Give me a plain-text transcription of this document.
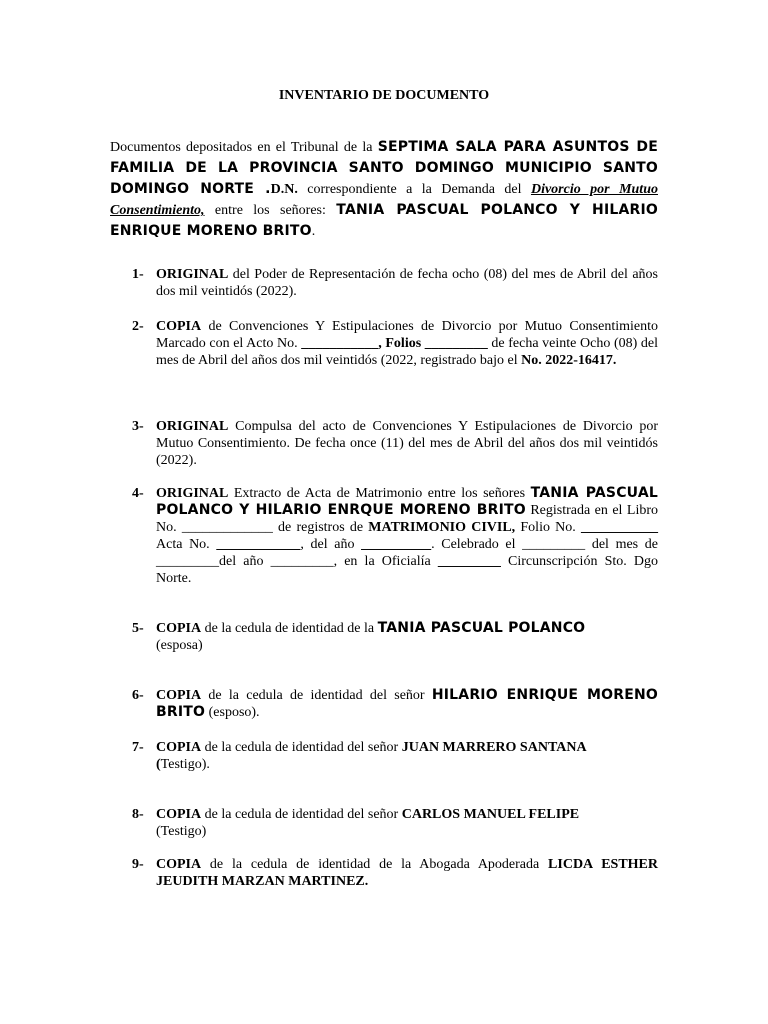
INVENTARIO DE DOCUMENTO
Documentos depositados en el Tribunal de la SEPTIMA SALA PARA ASUNTOS DE FAMILIA DE LA PROVINCIA SANTO DOMINGO MUNICIPIO SANTO DOMINGO NORTE .D.N. correspondiente a la Demanda del Divorcio por Mutuo Consentimiento, entre los señores: TANIA PASCUAL POLANCO Y HILARIO ENRIQUE MORENO BRITO.
1- ORIGINAL del Poder de Representación de fecha ocho (08) del mes de Abril del años dos mil veintidós (2022).
2- COPIA de Convenciones Y Estipulaciones de Divorcio por Mutuo Consentimiento Marcado con el Acto No. ___________, Folios _________ de fecha veinte Ocho (08) del mes de Abril del años dos mil veintidós (2022, registrado bajo el No. 2022-16417.
3- ORIGINAL Compulsa del acto de Convenciones Y Estipulaciones de Divorcio por Mutuo Consentimiento. De fecha once (11) del mes de Abril del años dos mil veintidós (2022).
4- ORIGINAL Extracto de Acta de Matrimonio entre los señores TANIA PASCUAL POLANCO Y HILARIO ENRQUE MORENO BRITO Registrada en el Libro No. _____________ de registros de MATRIMONIO CIVIL, Folio No. ___________ Acta No. ____________, del año __________. Celebrado el _________ del mes de _________del año _________, en la Oficialía _________ Circunscripción Sto. Dgo Norte.
5- COPIA de la cedula de identidad de la TANIA PASCUAL POLANCO
(esposa)
6- COPIA de la cedula de identidad del señor HILARIO ENRIQUE MORENO BRITO (esposo).
7- COPIA de la cedula de identidad del señor JUAN MARRERO SANTANA
(Testigo).
8- COPIA de la cedula de identidad del señor CARLOS MANUEL FELIPE
(Testigo)
9- COPIA de la cedula de identidad de la Abogada Apoderada LICDA ESTHER JEUDITH MARZAN MARTINEZ.
